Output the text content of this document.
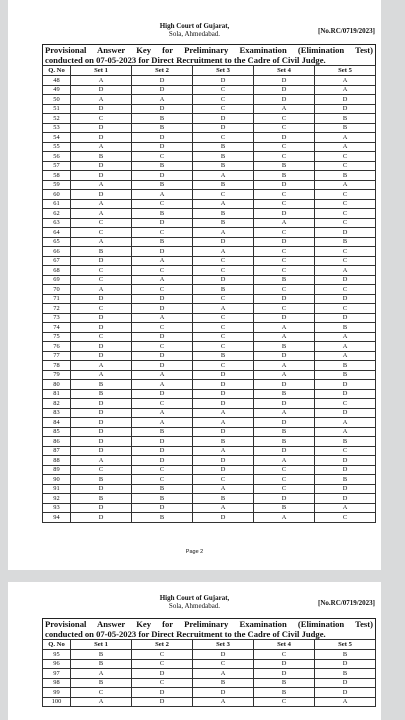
High Court of Gujarat,
Sola, Ahmedabad.	[No.RC/0719/2023]
Provisional Answer Key for Preliminary Examination (Elimination Test)
conducted on 07-05-2023 for Direct Recruitment to the Cadre of Civil Judge.
Q. No	Set 1	Set 2	Set 3	Set 4	Set 5
48	A	D	D	D	A
49	D	D	C	D	A
50	A	A	C	D	D
51	D	D	C	A	D
52	C	B	D	C	B
53	D	B	D	C	B
54	D	D	C	D	A
55	A	D	B	C	A
56	B	C	B	C	C
57	D	B	B	B	C
58	D	D	A	B	B
59	A	B	B	D	A
60	D	A	C	C	C
61	A	C	A	C	C
62	A	B	B	D	C
63	C	D	B	A	C
64	C	C	A	C	D
65	A	B	D	D	B
66	B	D	A	C	C
67	D	A	C	C	C
68	C	C	C	C	A
69	C	A	D	B	D
70	A	C	B	C	C
71	D	D	C	D	D
72	C	D	A	C	C
73	D	A	C	D	D
74	D	C	C	A	B
75	C	D	C	A	A
76	D	C	C	B	A
77	D	D	B	D	A
78	A	D	C	A	B
79	A	A	D	A	B
80	B	A	D	D	D
81	B	D	D	B	D
82	D	C	D	D	C
83	D	A	A	A	D
84	D	A	A	D	A
85	D	B	D	B	A
86	D	D	B	B	B
87	D	D	A	D	C
88	A	D	D	A	D
89	C	C	D	C	D
90	B	C	C	C	B
91	D	B	A	C	D
92	B	B	B	D	D
93	D	D	A	B	A
94	D	B	D	A	C
Page 2
High Court of Gujarat,
Sola, Ahmedabad.	[No.RC/0719/2023]
Provisional Answer Key for Preliminary Examination (Elimination Test)
conducted on 07-05-2023 for Direct Recruitment to the Cadre of Civil Judge.
Q. No	Set 1	Set 2	Set 3	Set 4	Set 5
95	B	C	D	C	B
96	B	C	C	D	D
97	A	D	A	D	B
98	B	C	B	B	D
99	C	D	D	B	D
100	A	D	A	C	A
